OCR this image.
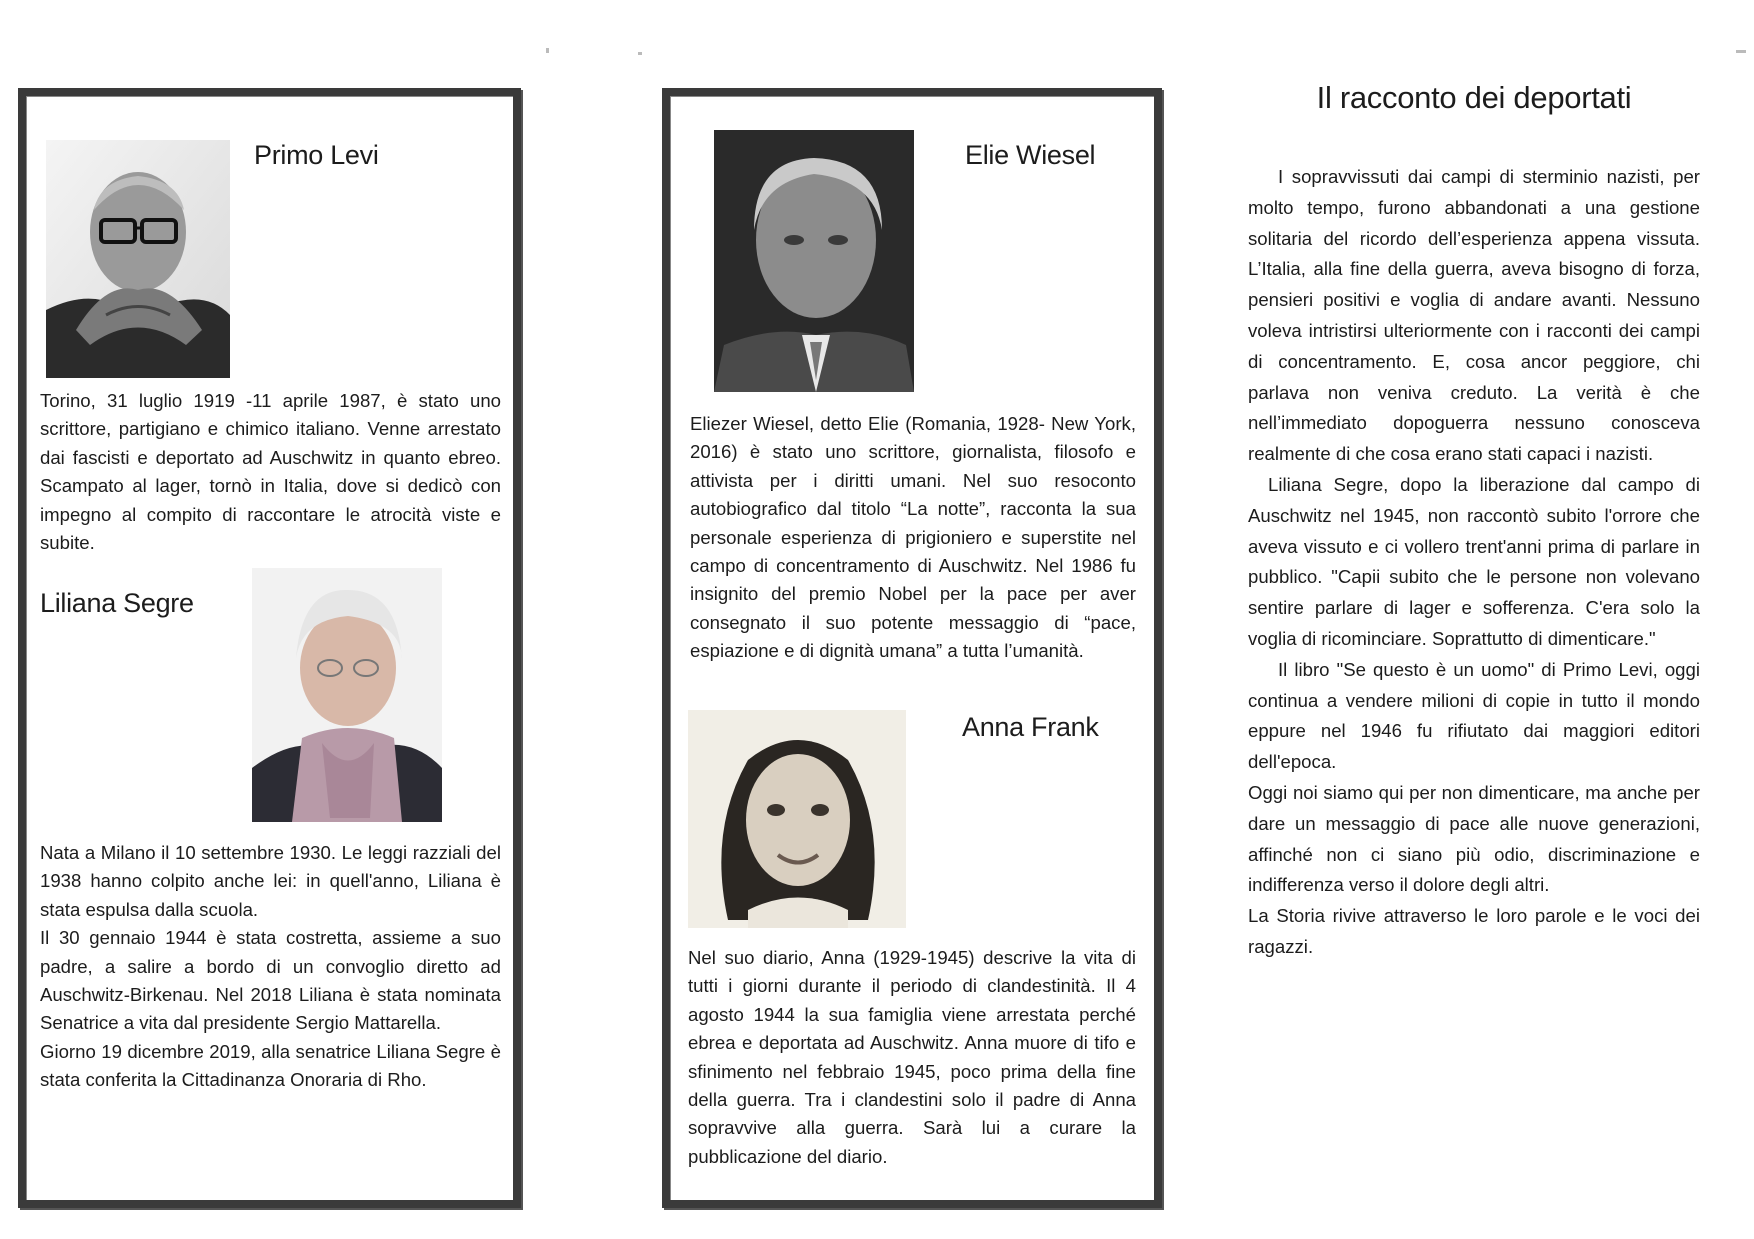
Primo Levi

Torino, 31 luglio 1919 -11 aprile 1987, è stato uno scrittore, partigiano e chimico italiano. Venne arrestato dai fascisti e deportato ad Auschwitz in quanto ebreo. Scampato al lager, tornò in Italia, dove si dedicò con impegno al compito di raccontare le atrocità viste e subite.

Liliana Segre

Nata a Milano il 10 settembre 1930. Le leggi razziali del 1938 hanno colpito anche lei: in quell'anno, Liliana è stata espulsa dalla scuola.

Il 30 gennaio 1944 è stata costretta, assieme a suo padre, a salire a bordo di un convoglio diretto ad Auschwitz-Birkenau. Nel 2018 Liliana è stata nominata Senatrice a vita dal presidente Sergio Mattarella.

Giorno 19 dicembre 2019, alla senatrice Liliana Segre è stata conferita la Cittadinanza Onoraria di Rho.

Elie Wiesel

Eliezer Wiesel, detto Elie (Romania, 1928- New York, 2016) è stato uno scrittore, giornalista, filosofo e attivista per i diritti umani. Nel suo resoconto autobiografico dal titolo “La notte”, racconta la sua personale esperienza di prigioniero e superstite nel campo di concentramento di Auschwitz. Nel 1986 fu insignito del premio Nobel per la pace per aver consegnato il suo potente messaggio di “pace, espiazione e di dignità umana” a tutta l’umanità.

Anna Frank

Nel suo diario, Anna (1929-1945) descrive la vita di tutti i giorni durante il periodo di clandestinità. Il 4 agosto 1944 la sua famiglia viene arrestata perché ebrea e deportata ad Auschwitz. Anna muore di tifo e sfinimento nel febbraio 1945, poco prima della fine della guerra. Tra i clandestini solo il padre di Anna sopravvive alla guerra. Sarà lui a curare la pubblicazione del diario.

Il racconto dei deportati

I sopravvissuti dai campi di sterminio nazisti, per molto tempo, furono abbandonati a una gestione solitaria del ricordo dell’esperienza appena vissuta. L’Italia, alla fine della guerra, aveva bisogno di forza, pensieri positivi e voglia di andare avanti. Nessuno voleva intristirsi ulteriormente con i racconti dei campi di concentramento. E, cosa ancor peggiore, chi parlava non veniva creduto. La verità è che nell’immediato dopoguerra nessuno conosceva realmente di che cosa erano stati capaci i nazisti.

Liliana Segre, dopo la liberazione dal campo di Auschwitz nel 1945, non raccontò subito l'orrore che aveva vissuto e ci vollero trent'anni prima di parlare in pubblico. "Capii subito che le persone non volevano sentire parlare di lager e sofferenza. C'era solo la voglia di ricominciare. Soprattutto di dimenticare."

Il libro "Se questo è un uomo" di Primo Levi, oggi continua a vendere milioni di copie in tutto il mondo eppure nel 1946 fu rifiutato dai maggiori editori dell'epoca.

Oggi noi siamo qui per non dimenticare, ma anche per dare un messaggio di pace alle nuove generazioni, affinché non ci siano più odio, discriminazione e indifferenza verso il dolore degli altri.

La Storia rivive attraverso le loro parole e le voci dei ragazzi.
